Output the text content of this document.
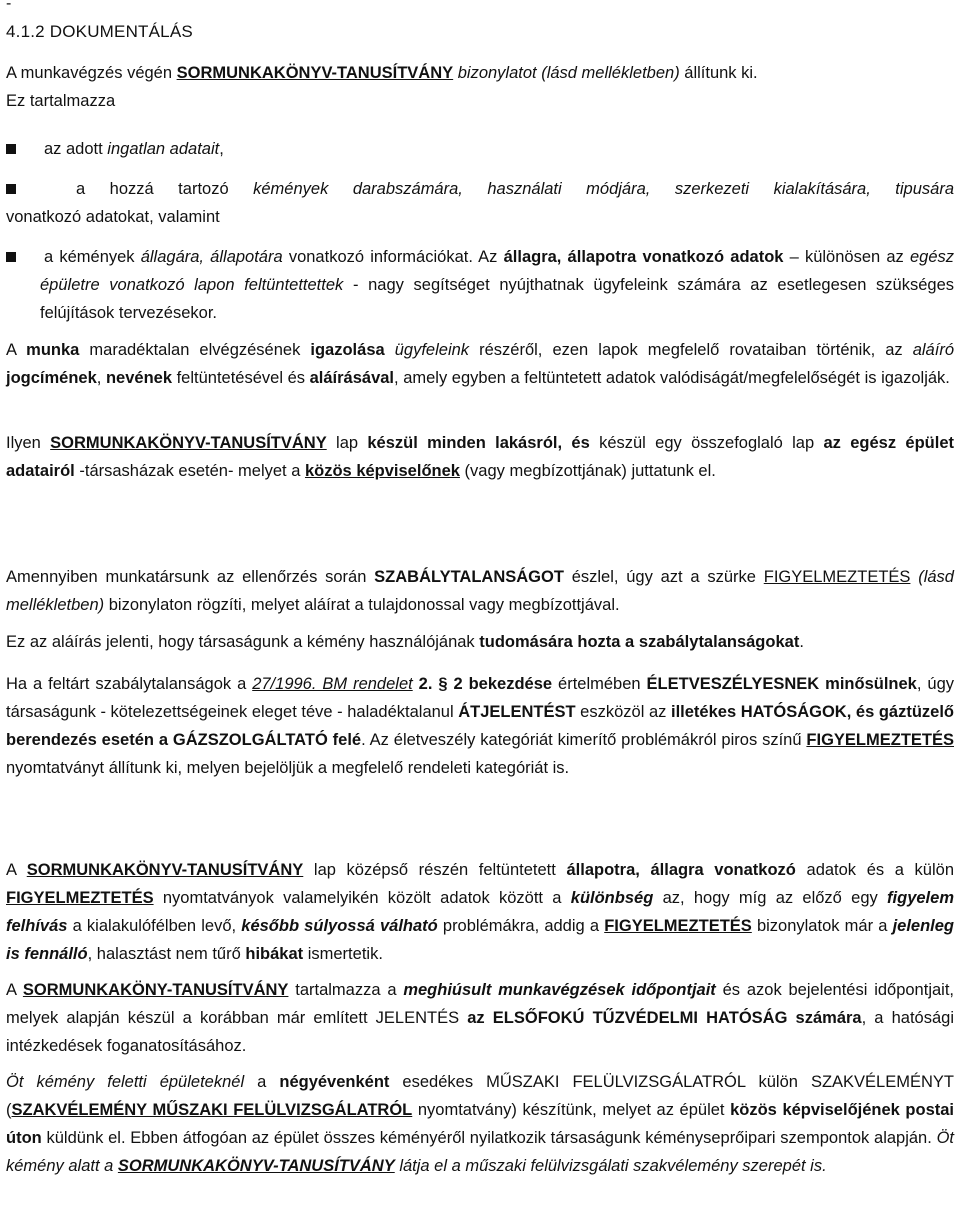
-
4.1.2 DOKUMENTÁLÁS

A munkavégzés végén SORMUNKAKÖNYV-TANUSÍTVÁNY bizonylatot (lásd mellékletben) állítunk ki.

Ez tartalmazza

az adott ingatlan adatait,
a hozzá tartozó kémények darabszámára, használati módjára, szerkezeti kialakítására, tipusára
vonatkozó adatokat, valamint
a kémények állagára, állapotára vonatkozó információkat. Az állagra, állapotra vonatkozó adatok – különösen az egész épületre vonatkozó lapon feltüntettettek - nagy segítséget nyújthatnak ügyfeleink számára az esetlegesen szükséges felújítások tervezésekor.

A munka maradéktalan elvégzésének igazolása ügyfeleink részéről, ezen lapok megfelelő rovataiban történik, az aláíró jogcímének, nevének feltüntetésével és aláírásával, amely egyben a feltüntetett adatok valódiságát/megfelelőségét is igazolják.

Ilyen SORMUNKAKÖNYV-TANUSÍTVÁNY lap készül minden lakásról, és készül egy összefoglaló lap az egész épület adatairól -társasházak esetén- melyet a közös képviselőnek (vagy megbízottjának) juttatunk el.

Amennyiben munkatársunk az ellenőrzés során SZABÁLYTALANSÁGOT észlel, úgy azt a szürke FIGYELMEZTETÉS (lásd mellékletben) bizonylaton rögzíti, melyet aláírat a tulajdonossal vagy megbízottjával.

Ez az aláírás jelenti, hogy társaságunk a kémény használójának tudomására hozta a szabálytalanságokat.

Ha a feltárt szabálytalanságok a 27/1996. BM rendelet 2. § 2 bekezdése értelmében ÉLETVESZÉLYESNEK minősülnek, úgy társaságunk - kötelezettségeinek eleget téve - haladéktalanul ÁTJELENTÉST eszközöl az illetékes HATÓSÁGOK, és gáztüzelő berendezés esetén a GÁZSZOLGÁLTATÓ felé. Az életveszély kategóriát kimerítő problémákról piros színű FIGYELMEZTETÉS nyomtatványt állítunk ki, melyen bejelöljük a megfelelő rendeleti kategóriát is.

A SORMUNKAKÖNYV-TANUSÍTVÁNY lap középső részén feltüntetett állapotra, állagra vonatkozó adatok és a külön FIGYELMEZTETÉS nyomtatványok valamelyikén közölt adatok között a különbség az, hogy míg az előző egy figyelem felhívás a kialakulófélben levő, később súlyossá válható problémákra, addig a FIGYELMEZTETÉS bizonylatok már a jelenleg is fennálló, halasztást nem tűrő hibákat ismertetik.

A SORMUNKAKÖNY-TANUSÍTVÁNY tartalmazza a meghiúsult munkavégzések időpontjait és azok bejelentési időpontjait, melyek alapján készül a korábban már említett JELENTÉS az ELSŐFOKÚ TŰZVÉDELMI HATÓSÁG számára, a hatósági intézkedések foganatosításához.

Öt kémény feletti épületeknél a négyévenként esedékes MŰSZAKI FELÜLVIZSGÁLATRÓL külön SZAKVÉLEMÉNYT (SZAKVÉLEMÉNY MŰSZAKI FELÜLVIZSGÁLATRÓL nyomtatvány) készítünk, melyet az épület közös képviselőjének postai úton küldünk el. Ebben átfogóan az épület összes kéményéről nyilatkozik társaságunk kéményseprőipari szempontok alapján. Öt kémény alatt a SORMUNKAKÖNYV-TANUSÍTVÁNY látja el a műszaki felülvizsgálati szakvélemény szerepét is.
